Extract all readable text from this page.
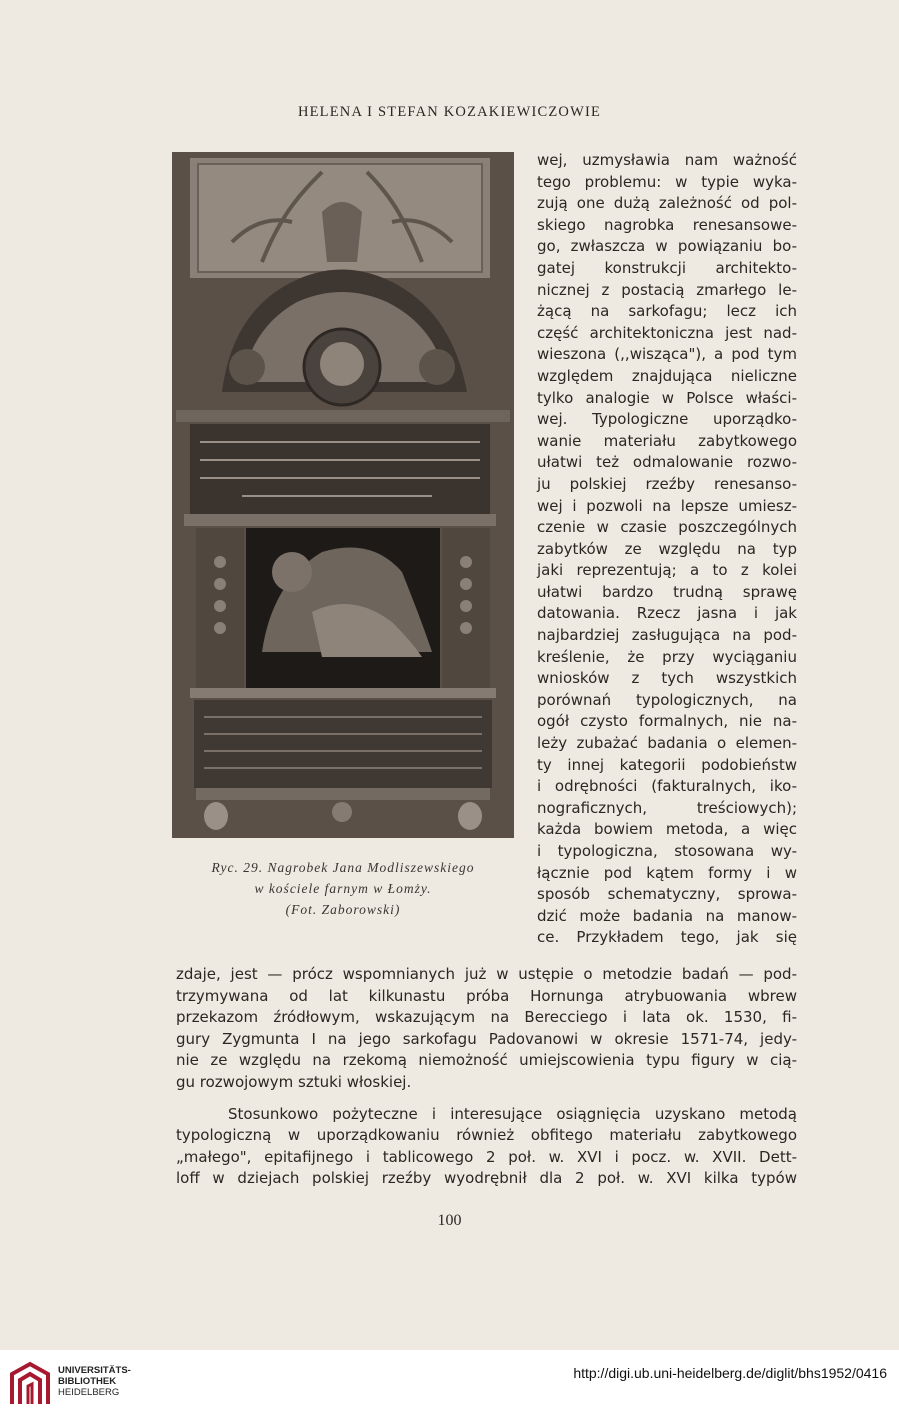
HELENA I STEFAN KOZAKIEWICZOWIE
Ryc. 29. Nagrobek Jana Modliszewskiego
w kościele farnym w Łomży.
(Fot. Zaborowski)
wej, uzmysławia nam ważność
tego problemu: w typie wyka-
zują one dużą zależność od pol-
skiego nagrobka renesansowe-
go, zwłaszcza w powiązaniu bo-
gatej konstrukcji architekto-
nicznej z postacią zmarłego le-
żącą na sarkofagu; lecz ich
część architektoniczna jest nad-
wieszona (,,wisząca"), a pod tym
względem znajdująca nieliczne
tylko analogie w Polsce właści-
wej. Typologiczne uporządko-
wanie materiału zabytkowego
ułatwi też odmalowanie rozwo-
ju polskiej rzeźby renesanso-
wej i pozwoli na lepsze umiesz-
czenie w czasie poszczególnych
zabytków ze względu na typ
jaki reprezentują; a to z kolei
ułatwi bardzo trudną sprawę
datowania. Rzecz jasna i jak
najbardziej zasługująca na pod-
kreślenie, że przy wyciąganiu
wniosków z tych wszystkich
porównań typologicznych, na
ogół czysto formalnych, nie na-
leży zubażać badania o elemen-
ty innej kategorii podobieństw
i odrębności (fakturalnych, iko-
nograficznych, treściowych);
każda bowiem metoda, a więc
i typologiczna, stosowana wy-
łącznie pod kątem formy i w
sposób schematyczny, sprowa-
dzić może badania na manow-
ce. Przykładem tego, jak się
zdaje, jest — prócz wspomnianych już w ustępie o metodzie badań — pod-
trzymywana od lat kilkunastu próba Hornunga atrybuowania wbrew
przekazom źródłowym, wskazującym na Berecciego i lata ok. 1530, fi-
gury Zygmunta I na jego sarkofagu Padovanowi w okresie 1571-74, jedy-
nie ze względu na rzekomą niemożność umiejscowienia typu figury w cią-
gu rozwojowym sztuki włoskiej.
Stosunkowo pożyteczne i interesujące osiągnięcia uzyskano metodą
typologiczną w uporządkowaniu również obfitego materiału zabytkowego
„małego", epitafijnego i tablicowego 2 poł. w. XVI i pocz. w. XVII. Dett-
loff w dziejach polskiej rzeźby wyodrębnił dla 2 poł. w. XVI kilka typów
100
UNIVERSITÄTS-
BIBLIOTHEK
HEIDELBERG
http://digi.ub.uni-heidelberg.de/diglit/bhs1952/0416
